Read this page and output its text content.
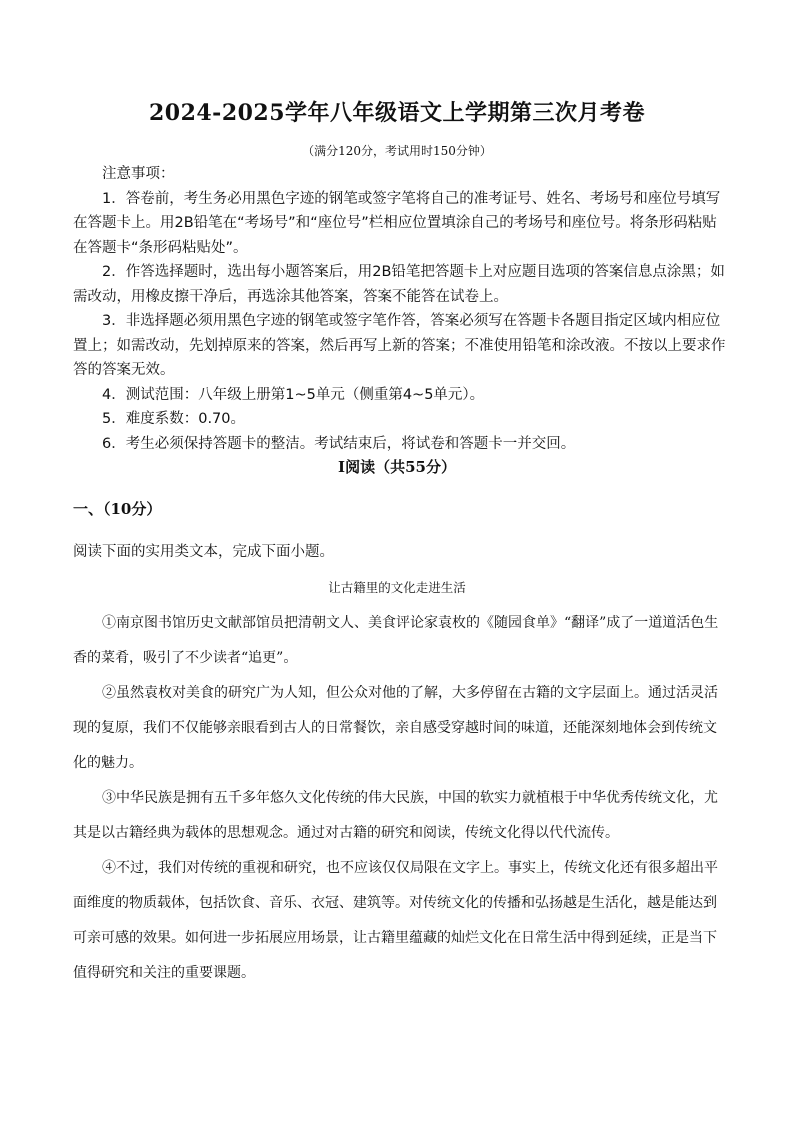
2024-2025学年八年级语文上学期第三次月考卷
（满分120分，考试用时150分钟）

注意事项：

1．答卷前，考生务必用黑色字迹的钢笔或签字笔将自己的准考证号、姓名、考场号和座位号填写在答题卡上。用2B铅笔在“考场号”和“座位号”栏相应位置填涂自己的考场号和座位号。将条形码粘贴在答题卡“条形码粘贴处”。

2．作答选择题时，选出每小题答案后，用2B铅笔把答题卡上对应题目选项的答案信息点涂黑；如需改动，用橡皮擦干净后，再选涂其他答案，答案不能答在试卷上。

3．非选择题必须用黑色字迹的钢笔或签字笔作答，答案必须写在答题卡各题目指定区域内相应位置上；如需改动，先划掉原来的答案，然后再写上新的答案；不准使用铅笔和涂改液。不按以上要求作答的答案无效。

4．测试范围：八年级上册第1~5单元（侧重第4~5单元）。

5．难度系数：0.70。

6．考生必须保持答题卡的整洁。考试结束后，将试卷和答题卡一并交回。

Ⅰ阅读（共55分）
一、（10分）
阅读下面的实用类文本，完成下面小题。
让古籍里的文化走进生活

①南京图书馆历史文献部馆员把清朝文人、美食评论家袁枚的《随园食单》“翻译”成了一道道活色生香的菜肴，吸引了不少读者“追更”。

②虽然袁枚对美食的研究广为人知，但公众对他的了解，大多停留在古籍的文字层面上。通过活灵活现的复原，我们不仅能够亲眼看到古人的日常餐饮，亲自感受穿越时间的味道，还能深刻地体会到传统文化的魅力。

③中华民族是拥有五千多年悠久文化传统的伟大民族，中国的软实力就植根于中华优秀传统文化，尤其是以古籍经典为载体的思想观念。通过对古籍的研究和阅读，传统文化得以代代流传。

④不过，我们对传统的重视和研究，也不应该仅仅局限在文字上。事实上，传统文化还有很多超出平面维度的物质载体，包括饮食、音乐、衣冠、建筑等。对传统文化的传播和弘扬越是生活化，越是能达到可亲可感的效果。如何进一步拓展应用场景，让古籍里蕴藏的灿烂文化在日常生活中得到延续，正是当下值得研究和关注的重要课题。
